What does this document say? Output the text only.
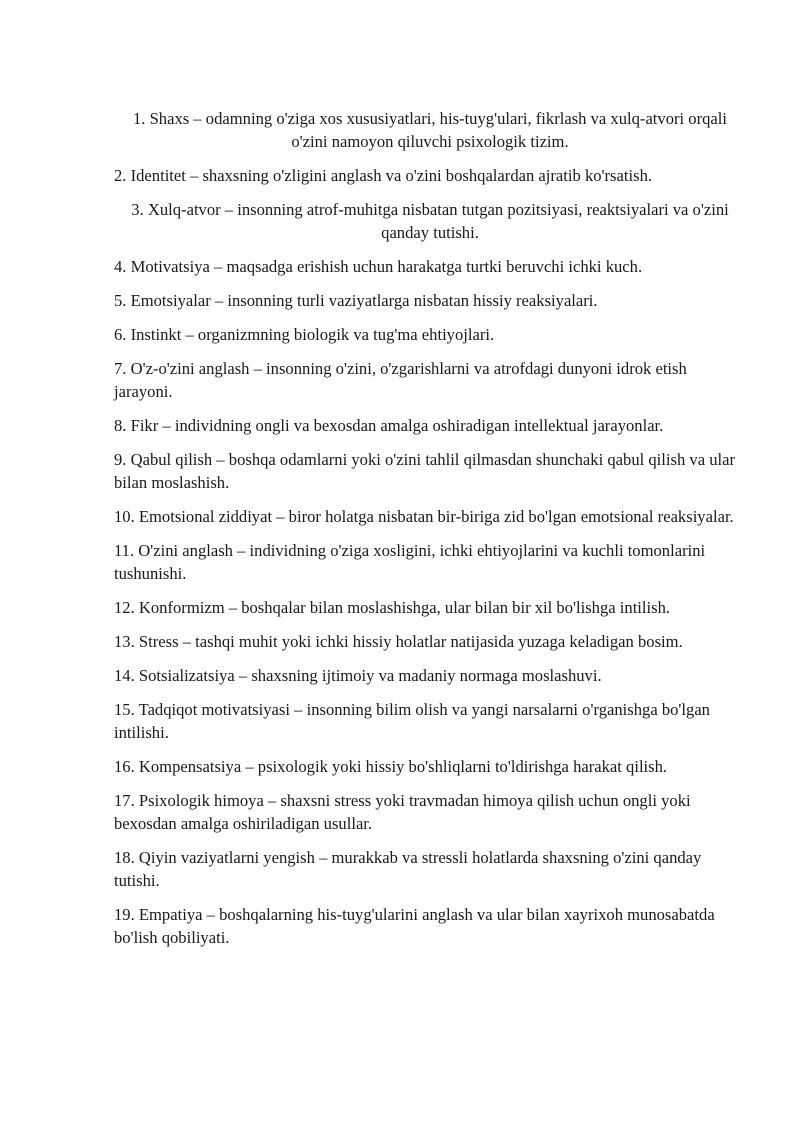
1. Shaxs – odamning o'ziga xos xususiyatlari, his-tuyg'ulari, fikrlash va xulq-atvori orqali o'zini namoyon qiluvchi psixologik tizim.

2. Identitet – shaxsning o'zligini anglash va o'zini boshqalardan ajratib ko'rsatish.

3. Xulq-atvor – insonning atrof-muhitga nisbatan tutgan pozitsiyasi, reaktsiyalari va o'zini qanday tutishi.

4. Motivatsiya – maqsadga erishish uchun harakatga turtki beruvchi ichki kuch.

5. Emotsiyalar – insonning turli vaziyatlarga nisbatan hissiy reaksiyalari.

6. Instinkt – organizmning biologik va tug'ma ehtiyojlari.

7. O'z-o'zini anglash – insonning o'zini, o'zgarishlarni va atrofdagi dunyoni idrok etish jarayoni.

8. Fikr – individning ongli va bexosdan amalga oshiradigan intellektual jarayonlar.

9. Qabul qilish – boshqa odamlarni yoki o'zini tahlil qilmasdan shunchaki qabul qilish va ular bilan moslashish.

10. Emotsional ziddiyat – biror holatga nisbatan bir-biriga zid bo'lgan emotsional reaksiyalar.

11. O'zini anglash – individning o'ziga xosligini, ichki ehtiyojlarini va kuchli tomonlarini tushunishi.

12. Konformizm – boshqalar bilan moslashishga, ular bilan bir xil bo'lishga intilish.

13. Stress – tashqi muhit yoki ichki hissiy holatlar natijasida yuzaga keladigan bosim.

14. Sotsializatsiya – shaxsning ijtimoiy va madaniy normaga moslashuvi.

15. Tadqiqot motivatsiyasi – insonning bilim olish va yangi narsalarni o'rganishga bo'lgan intilishi.

16. Kompensatsiya – psixologik yoki hissiy bo'shliqlarni to'ldirishga harakat qilish.

17. Psixologik himoya – shaxsni stress yoki travmadan himoya qilish uchun ongli yoki bexosdan amalga oshiriladigan usullar.

18. Qiyin vaziyatlarni yengish – murakkab va stressli holatlarda shaxsning o'zini qanday tutishi.

19. Empatiya – boshqalarning his-tuyg'ularini anglash va ular bilan xayrixoh munosabatda bo'lish qobiliyati.
